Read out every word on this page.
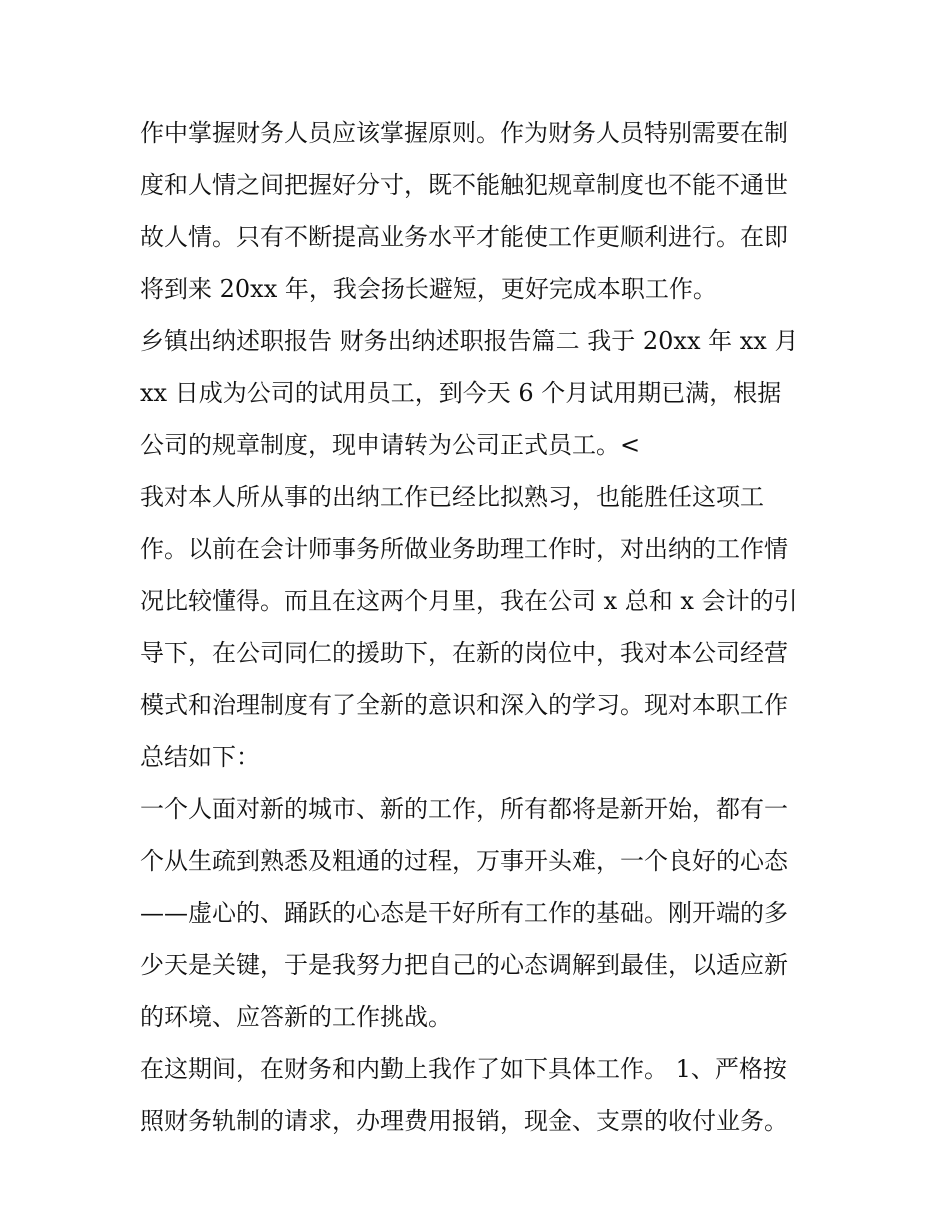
作中掌握财务人员应该掌握原则。作为财务人员特别需要在制
度和人情之间把握好分寸，既不能触犯规章制度也不能不通世
故人情。只有不断提高业务水平才能使工作更顺利进行。在即
将到来 20xx 年，我会扬长避短，更好完成本职工作。
乡镇出纳述职报告 财务出纳述职报告篇二 我于 20xx 年 xx 月
xx 日成为公司的试用员工，到今天 6 个月试用期已满，根据
公司的规章制度，现申请转为公司正式员工。<
我对本人所从事的出纳工作已经比拟熟习，也能胜任这项工
作。以前在会计师事务所做业务助理工作时，对出纳的工作情
况比较懂得。而且在这两个月里，我在公司 x 总和 x 会计的引
导下，在公司同仁的援助下，在新的岗位中，我对本公司经营
模式和治理制度有了全新的意识和深入的学习。现对本职工作
总结如下：
一个人面对新的城市、新的工作，所有都将是新开始，都有一
个从生疏到熟悉及粗通的过程，万事开头难，一个良好的心态
——虚心的、踊跃的心态是干好所有工作的基础。刚开端的多
少天是关键，于是我努力把自己的心态调解到最佳，以适应新
的环境、应答新的工作挑战。
在这期间，在财务和内勤上我作了如下具体工作。 1、严格按
照财务轨制的请求，办理费用报销，现金、支票的收付业务。
